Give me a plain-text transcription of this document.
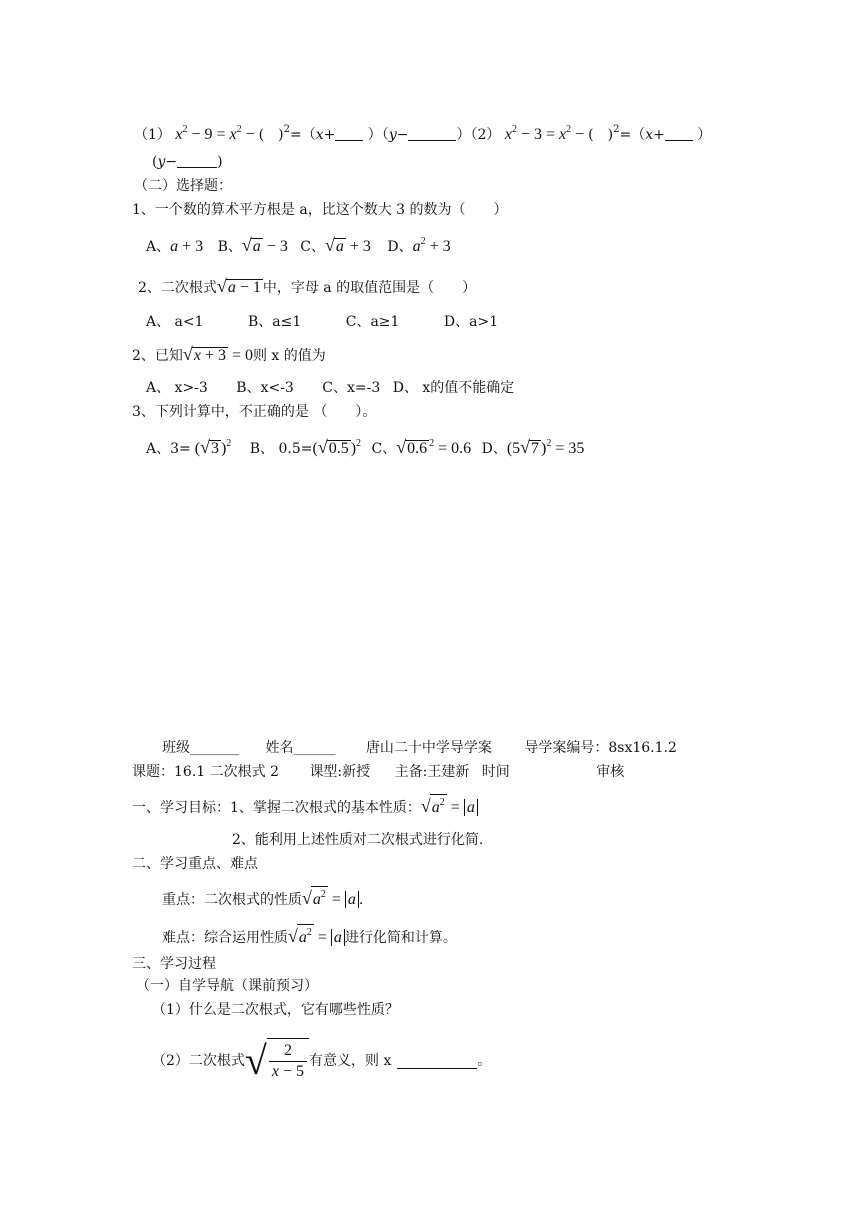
（1） $x^2 - 9 = x^2$ − ( )$^2$=（x+ ）（y−	）（2） $x^2 - 3 = x^2$ − ( )$^2$=（x+ ）
(y−	)
（二）选择题：
1、一个数的算术平方根是 a，比这个数大 3 的数为（　　）
A、a + 3 B、√a − 3 C、√a + 3 D、$a^2 + 3$
2、二次根式√a − 1 中，字母 a 的取值范围是（　　）
A、 a<1	B、a≤1	C、a≥1	D、a>1
2、已知√x + 3 = 0则 x 的值为
A、 x>-3 B、x<-3 C、x=-3 D、 x的值不能确定
3、下列计算中，不正确的是 （　　）。
A、3= (√3 )$^2$ B、 0.5=(√0.5 )$^2$ C、√0.6 $^2$ = 0.6 D、(5√7 )$^2$ = 35
班级_______ 姓名______ 唐山二十中学导学案 导学案编号：8sx16.1.2
课题：16.1 二次根式 2 课型:新授 主备:王建新 时间	审核
一、学习目标：1、掌握二次根式的基本性质：$√a^2 = a$
2、能利用上述性质对二次根式进行化简.
二、学习重点、难点
重点：二次根式的性质$√a^2 = a$ .
难点：综合运用性质$√a^2 = a$ 进行化简和计算。
三、学习过程
（一）自学导航（课前预习）
（1）什么是二次根式，它有哪些性质？
（2）二次根式 √ $\frac{2}{x - 5}$ 有意义，则 x	。
